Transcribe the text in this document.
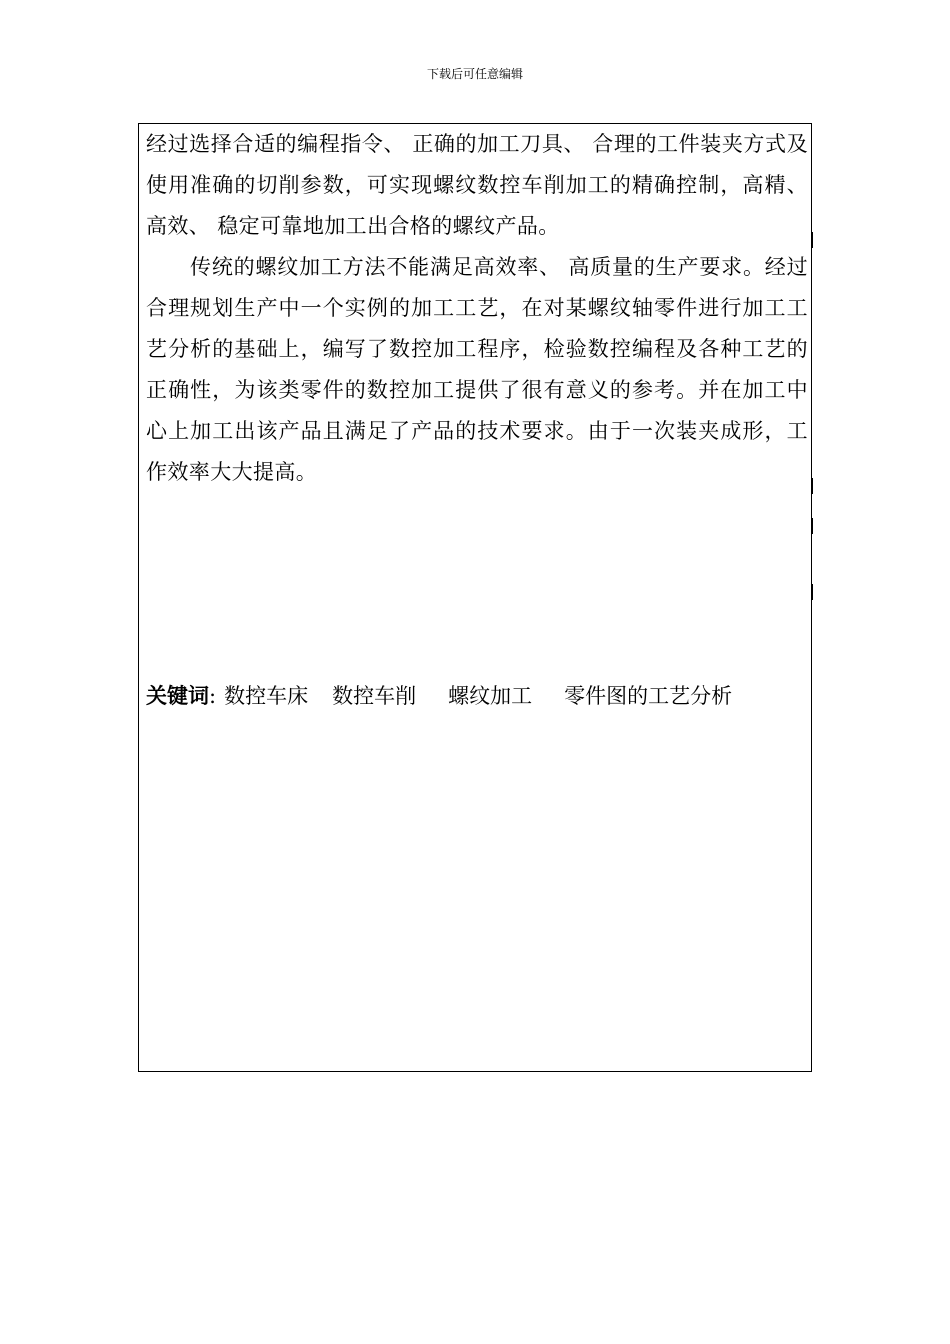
下载后可任意编辑

经过选择合适的编程指令、 正确的加工刀具、 合理的工件装夹方式及使用准确的切削参数，可实现螺纹数控车削加工的精确控制，高精、 高效、 稳定可靠地加工出合格的螺纹产品。

传统的螺纹加工方法不能满足高效率、 高质量的生产要求。经过合理规划生产中一个实例的加工工艺，在对某螺纹轴零件进行加工工艺分析的基础上，编写了数控加工程序，检验数控编程及各种工艺的正确性，为该类零件的数控加工提供了很有意义的参考。并在加工中心上加工出该产品且满足了产品的技术要求。由于一次装夹成形，工作效率大大提高。

关键词: 数控车床 数控车削 螺纹加工 零件图的工艺分析
